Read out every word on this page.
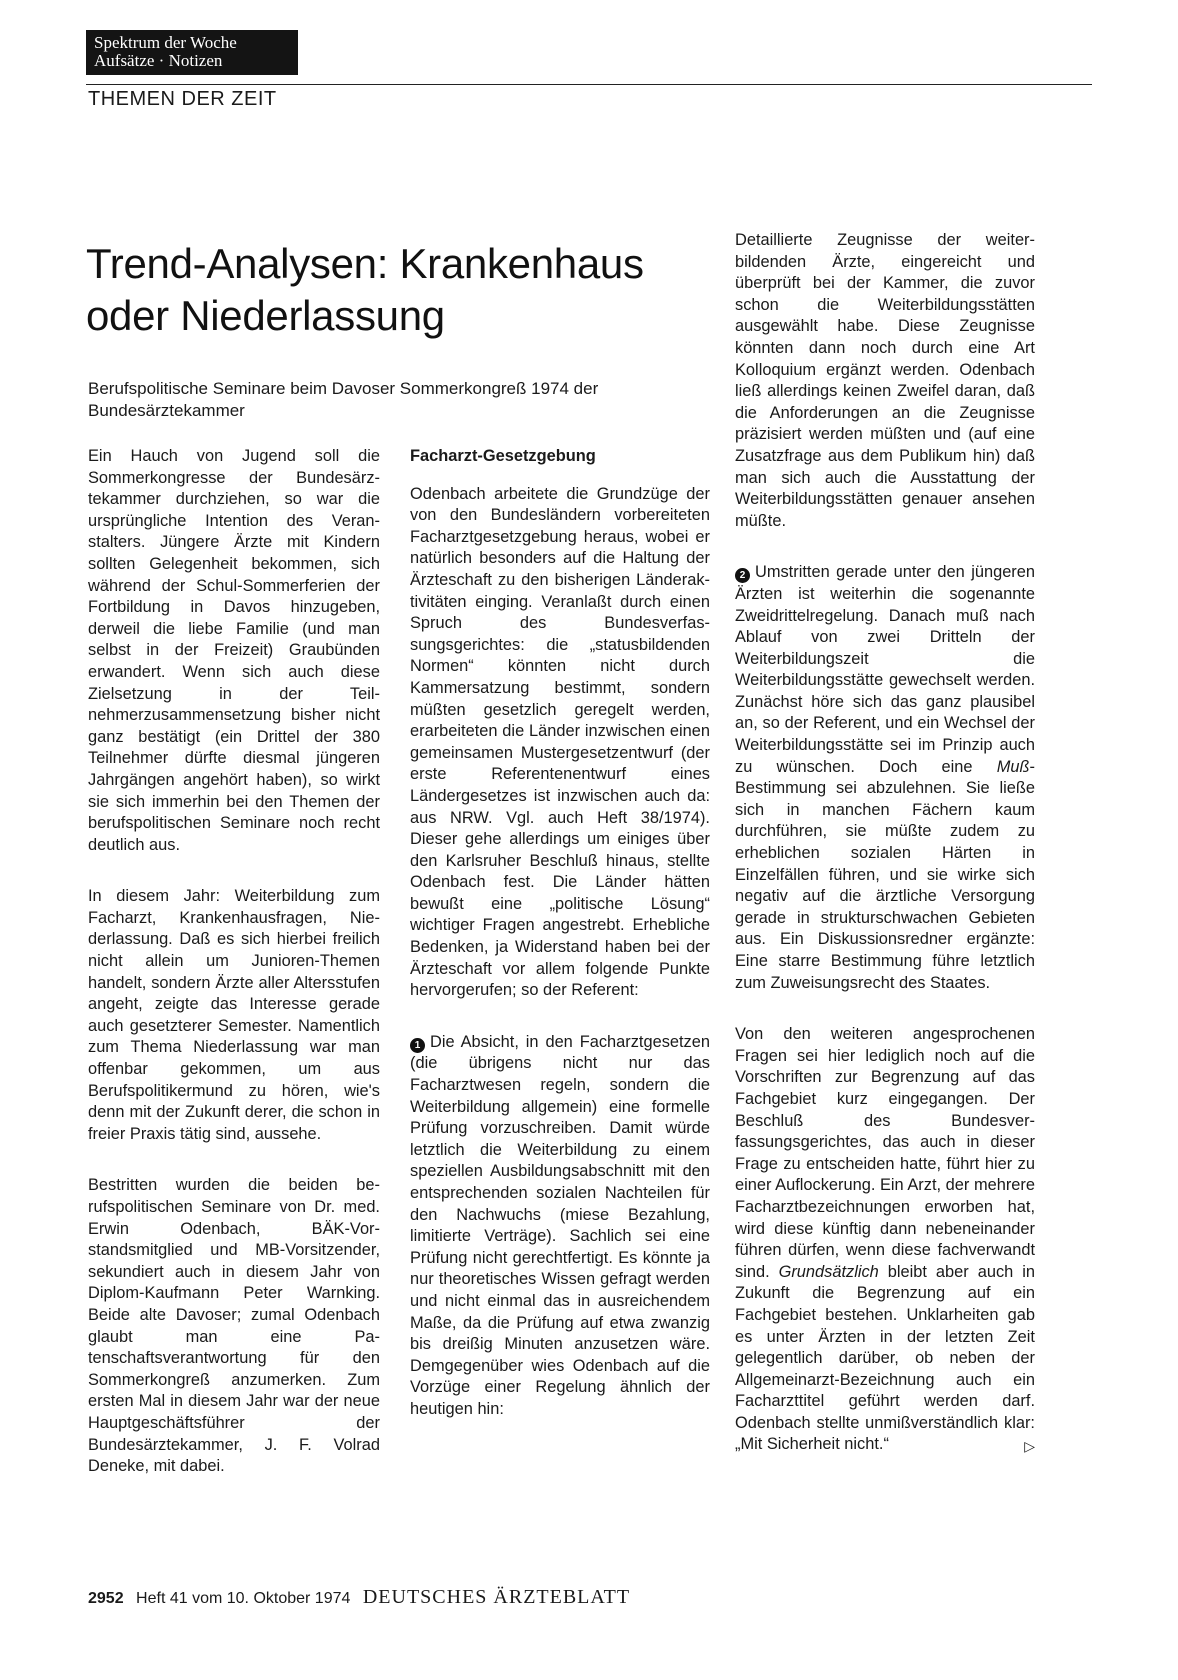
Spektrum der Woche
Aufsätze · Notizen
THEMEN DER ZEIT
Trend-Analysen: Krankenhaus oder Niederlassung

Berufspolitische Seminare beim Davoser Sommerkongreß 1974 der Bundesärztekammer

Ein Hauch von Jugend soll die Sommerkongresse der Bundesärztekammer durchziehen, so war die ursprüngliche Intention des Veranstalters. Jüngere Ärzte mit Kindern sollten Gelegenheit bekommen, sich während der Schul-Sommerferien der Fortbildung in Davos hinzugeben, derweil die liebe Familie (und man selbst in der Freizeit) Graubünden erwandert. Wenn sich auch diese Zielsetzung in der Teilnehmerzusammensetzung bisher nicht ganz bestätigt (ein Drittel der 380 Teilnehmer dürfte diesmal jüngeren Jahrgängen angehört haben), so wirkt sie sich immerhin bei den Themen der berufspolitischen Seminare noch recht deutlich aus.

In diesem Jahr: Weiterbildung zum Facharzt, Krankenhausfragen, Niederlassung. Daß es sich hierbei freilich nicht allein um Junioren-Themen handelt, sondern Ärzte aller Altersstufen angeht, zeigte das Interesse gerade auch gesetzterer Semester. Namentlich zum Thema Niederlassung war man offenbar gekommen, um aus Berufspolitikermund zu hören, wie's denn mit der Zukunft derer, die schon in freier Praxis tätig sind, aussehe.

Bestritten wurden die beiden berufspolitischen Seminare von Dr. med. Erwin Odenbach, BÄK-Vorstandsmitglied und MB-Vorsitzender, sekundiert auch in diesem Jahr von Diplom-Kaufmann Peter Warnking. Beide alte Davoser; zumal Odenbach glaubt man eine Patenschaftsverantwortung für den Sommerkongreß anzumerken. Zum ersten Mal in diesem Jahr war der neue Hauptgeschäftsführer der Bundesärztekammer, J. F. Volrad Deneke, mit dabei.

Facharzt-Gesetzgebung

Odenbach arbeitete die Grundzüge der von den Bundesländern vorbereiteten Facharztgesetzgebung heraus, wobei er natürlich besonders auf die Haltung der Ärzteschaft zu den bisherigen Länderaktivitäten einging. Veranlaßt durch einen Spruch des Bundesverfassungsgerichtes: die „statusbildenden Normen“ könnten nicht durch Kammersatzung bestimmt, sondern müßten gesetzlich geregelt werden, erarbeiteten die Länder inzwischen einen gemeinsamen Mustergesetzentwurf (der erste Referentenentwurf eines Ländergesetzes ist inzwischen auch da: aus NRW. Vgl. auch Heft 38/1974). Dieser gehe allerdings um einiges über den Karlsruher Beschluß hinaus, stellte Odenbach fest. Die Länder hätten bewußt eine „politische Lösung“ wichtiger Fragen angestrebt. Erhebliche Bedenken, ja Widerstand haben bei der Ärzteschaft vor allem folgende Punkte hervorgerufen; so der Referent:

1 Die Absicht, in den Facharztgesetzen (die übrigens nicht nur das Facharztwesen regeln, sondern die Weiterbildung allgemein) eine formelle Prüfung vorzuschreiben. Damit würde letztlich die Weiterbildung zu einem speziellen Ausbildungsabschnitt mit den entsprechenden sozialen Nachteilen für den Nachwuchs (miese Bezahlung, limitierte Verträge). Sachlich sei eine Prüfung nicht gerechtfertigt. Es könnte ja nur theoretisches Wissen gefragt werden und nicht einmal das in ausreichendem Maße, da die Prüfung auf etwa zwanzig bis dreißig Minuten anzusetzen wäre. Demgegenüber wies Odenbach auf die Vorzüge einer Regelung ähnlich der heutigen hin:

Detaillierte Zeugnisse der weiterbildenden Ärzte, eingereicht und überprüft bei der Kammer, die zuvor schon die Weiterbildungsstätten ausgewählt habe. Diese Zeugnisse könnten dann noch durch eine Art Kolloquium ergänzt werden. Odenbach ließ allerdings keinen Zweifel daran, daß die Anforderungen an die Zeugnisse präzisiert werden müßten und (auf eine Zusatzfrage aus dem Publikum hin) daß man sich auch die Ausstattung der Weiterbildungsstätten genauer ansehen müßte.

2 Umstritten gerade unter den jüngeren Ärzten ist weiterhin die sogenannte Zweidrittelregelung. Danach muß nach Ablauf von zwei Dritteln der Weiterbildungszeit die Weiterbildungsstätte gewechselt werden. Zunächst höre sich das ganz plausibel an, so der Referent, und ein Wechsel der Weiterbildungsstätte sei im Prinzip auch zu wünschen. Doch eine Muß-Bestimmung sei abzulehnen. Sie ließe sich in manchen Fächern kaum durchführen, sie müßte zudem zu erheblichen sozialen Härten in Einzelfällen führen, und sie wirke sich negativ auf die ärztliche Versorgung gerade in strukturschwachen Gebieten aus. Ein Diskussionsredner ergänzte: Eine starre Bestimmung führe letztlich zum Zuweisungsrecht des Staates.

Von den weiteren angesprochenen Fragen sei hier lediglich noch auf die Vorschriften zur Begrenzung auf das Fachgebiet kurz eingegangen. Der Beschluß des Bundesverfassungsgerichtes, das auch in dieser Frage zu entscheiden hatte, führt hier zu einer Auflockerung. Ein Arzt, der mehrere Facharztbezeichnungen erworben hat, wird diese künftig dann nebeneinander führen dürfen, wenn diese fachverwandt sind. Grundsätzlich bleibt aber auch in Zukunft die Begrenzung auf ein Fachgebiet bestehen. Unklarheiten gab es unter Ärzten in der letzten Zeit gelegentlich darüber, ob neben der Allgemeinarzt-Bezeichnung auch ein Facharzttitel geführt werden darf. Odenbach stellte unmißverständlich klar: „Mit Sicherheit nicht.“	▷

2952 Heft 41 vom 10. Oktober 1974 DEUTSCHES ÄRZTEBLATT
